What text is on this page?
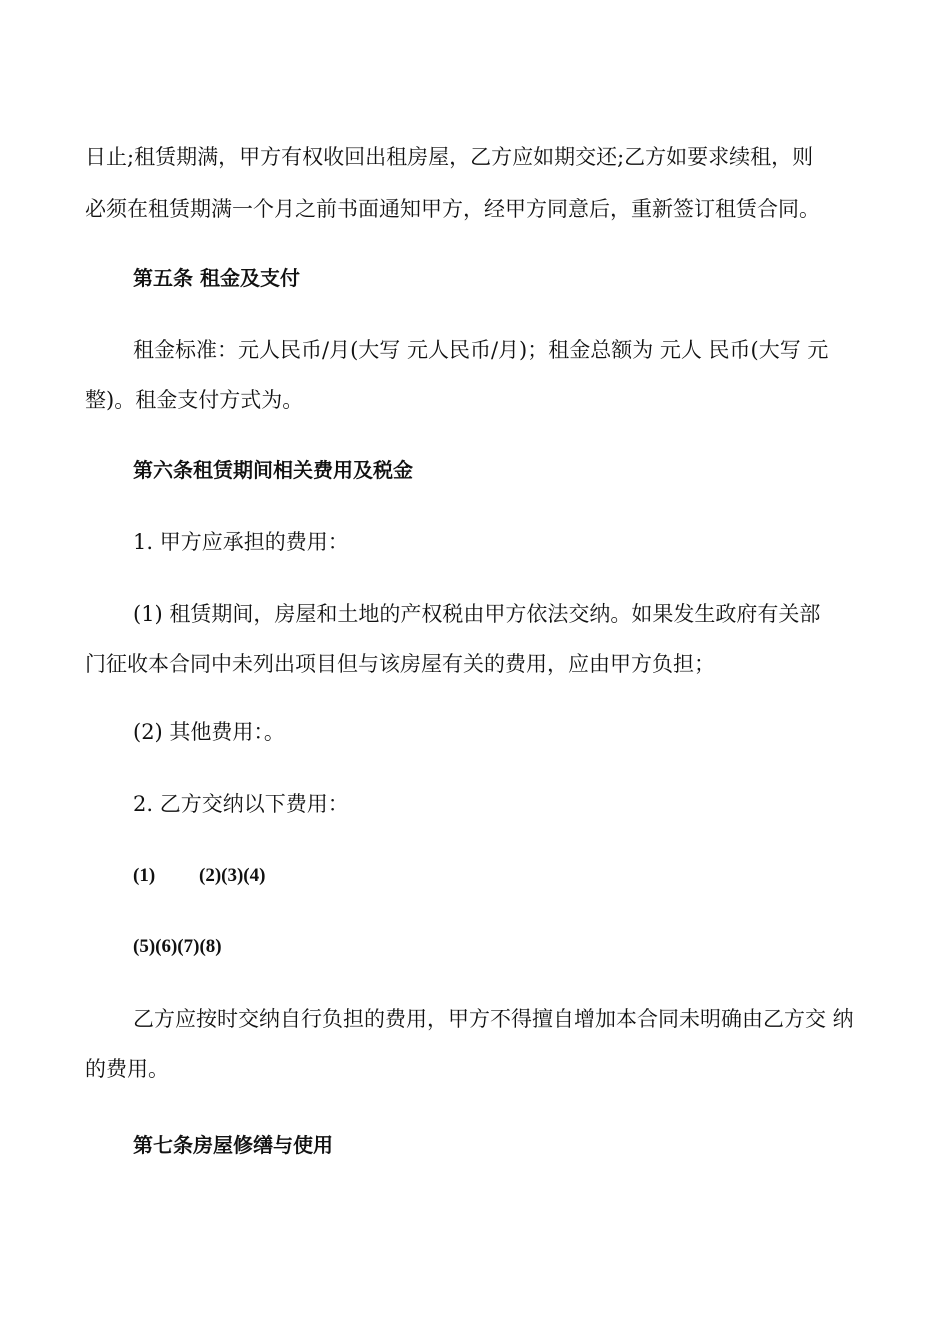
日止;租赁期满，甲方有权收回出租房屋，乙方应如期交还;乙方如要求续租，则
必须在租赁期满一个月之前书面通知甲方，经甲方同意后，重新签订租赁合同。
第五条 租金及支付
租金标准：元人民币/月(大写 元人民币/月)；租金总额为 元人 民币(大写 元
整)。租金支付方式为。
第六条租赁期间相关费用及税金
1. 甲方应承担的费用：
(1) 租赁期间，房屋和土地的产权税由甲方依法交纳。如果发生政府有关部
门征收本合同中未列出项目但与该房屋有关的费用，应由甲方负担；
(2) 其他费用：。
2. 乙方交纳以下费用：
(1) (2)(3)(4)
(5)(6)(7)(8)
乙方应按时交纳自行负担的费用，甲方不得擅自增加本合同未明确由乙方交 纳
的费用。
第七条房屋修缮与使用
